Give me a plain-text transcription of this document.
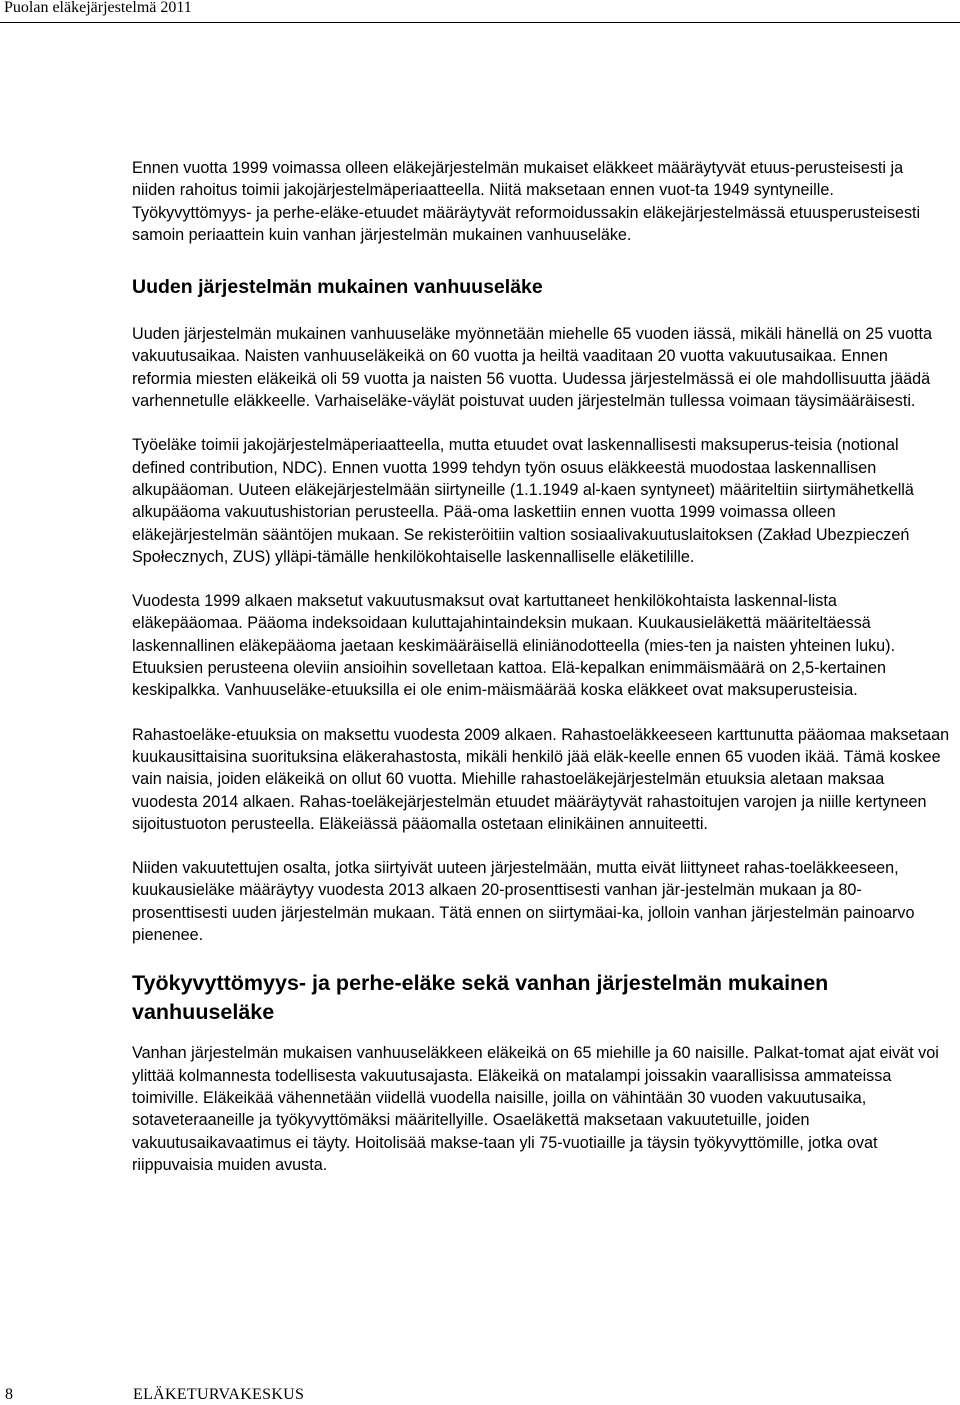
Puolan eläkejärjestelmä 2011

Ennen vuotta 1999 voimassa olleen eläkejärjestelmän mukaiset eläkkeet määräytyvät etuus-perusteisesti ja niiden rahoitus toimii jakojärjestelmäperiaatteella. Niitä maksetaan ennen vuot-ta 1949 syntyneille. Työkyvyttömyys- ja perhe-eläke-etuudet määräytyvät reformoidussakin eläkejärjestelmässä etuusperusteisesti samoin periaattein kuin vanhan järjestelmän mukainen vanhuuseläke.

Uuden järjestelmän mukainen vanhuuseläke

Uuden järjestelmän mukainen vanhuuseläke myönnetään miehelle 65 vuoden iässä, mikäli hänellä on 25 vuotta vakuutusaikaa. Naisten vanhuuseläkeikä on 60 vuotta ja heiltä vaaditaan 20 vuotta vakuutusaikaa. Ennen reformia miesten eläkeikä oli 59 vuotta ja naisten 56 vuotta. Uudessa järjestelmässä ei ole mahdollisuutta jäädä varhennetulle eläkkeelle. Varhaiseläke-väylät poistuvat uuden järjestelmän tullessa voimaan täysimääräisesti.

Työeläke toimii jakojärjestelmäperiaatteella, mutta etuudet ovat laskennallisesti maksuperus-teisia (notional defined contribution, NDC). Ennen vuotta 1999 tehdyn työn osuus eläkkeestä muodostaa laskennallisen alkupääoman. Uuteen eläkejärjestelmään siirtyneille (1.1.1949 al-kaen syntyneet) määriteltiin siirtymähetkellä alkupääoma vakuutushistorian perusteella. Pää-oma laskettiin ennen vuotta 1999 voimassa olleen eläkejärjestelmän sääntöjen mukaan. Se rekisteröitiin valtion sosiaalivakuutuslaitoksen (Zakład Ubezpieczeń Społecznych, ZUS) ylläpi-tämälle henkilökohtaiselle laskennalliselle eläketilille.

Vuodesta 1999 alkaen maksetut vakuutusmaksut ovat kartuttaneet henkilökohtaista laskennal-lista eläkepääomaa. Pääoma indeksoidaan kuluttajahintaindeksin mukaan. Kuukausieläkettä määriteltäessä laskennallinen eläkepääoma jaetaan keskimääräisellä eliniänodotteella (mies-ten ja naisten yhteinen luku). Etuuksien perusteena oleviin ansioihin sovelletaan kattoa. Elä-kepalkan enimmäismäärä on 2,5-kertainen keskipalkka. Vanhuuseläke-etuuksilla ei ole enim-mäismäärää koska eläkkeet ovat maksuperusteisia.

Rahastoeläke-etuuksia on maksettu vuodesta 2009 alkaen. Rahastoeläkkeeseen karttunutta pääomaa maksetaan kuukausittaisina suorituksina eläkerahastosta, mikäli henkilö jää eläk-keelle ennen 65 vuoden ikää. Tämä koskee vain naisia, joiden eläkeikä on ollut 60 vuotta. Miehille rahastoeläkejärjestelmän etuuksia aletaan maksaa vuodesta 2014 alkaen. Rahas-toeläkejärjestelmän etuudet määräytyvät rahastoitujen varojen ja niille kertyneen sijoitustuoton perusteella. Eläkeiässä pääomalla ostetaan elinikäinen annuiteetti.

Niiden vakuutettujen osalta, jotka siirtyivät uuteen järjestelmään, mutta eivät liittyneet rahas-toeläkkeeseen, kuukausieläke määräytyy vuodesta 2013 alkaen 20-prosenttisesti vanhan jär-jestelmän mukaan ja 80-prosenttisesti uuden järjestelmän mukaan. Tätä ennen on siirtymäai-ka, jolloin vanhan järjestelmän painoarvo pienenee.

Työkyvyttömyys- ja perhe-eläke sekä vanhan järjestelmän mukainen vanhuuseläke

Vanhan järjestelmän mukaisen vanhuuseläkkeen eläkeikä on 65 miehille ja 60 naisille. Palkat-tomat ajat eivät voi ylittää kolmannesta todellisesta vakuutusajasta. Eläkeikä on matalampi joissakin vaarallisissa ammateissa toimiville. Eläkeikää vähennetään viidellä vuodella naisille, joilla on vähintään 30 vuoden vakuutusaika, sotaveteraaneille ja työkyvyttömäksi määritellyille. Osaeläkettä maksetaan vakuutetuille, joiden vakuutusaikavaatimus ei täyty. Hoitolisää makse-taan yli 75-vuotiaille ja täysin työkyvyttömille, jotka ovat riippuvaisia muiden avusta.

8	ELÄKETURVAKESKUS
